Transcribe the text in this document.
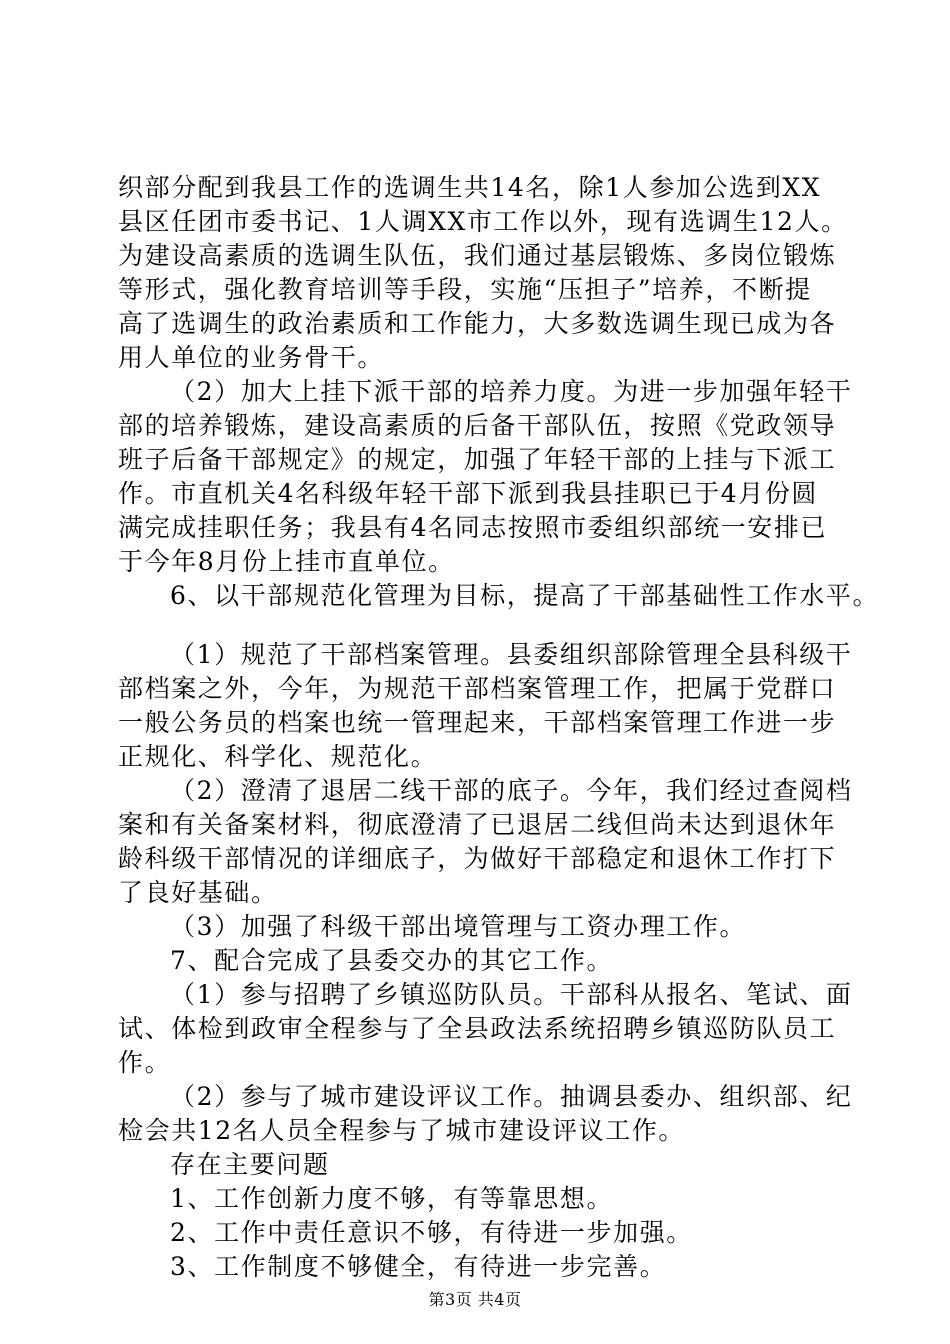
织部分配到我县工作的选调生共14名，除1人参加公选到XX
县区任团市委书记、1人调XX市工作以外，现有选调生12人。
为建设高素质的选调生队伍，我们通过基层锻炼、多岗位锻炼
等形式，强化教育培训等手段，实施“压担子”培养，不断提
高了选调生的政治素质和工作能力，大多数选调生现已成为各
用人单位的业务骨干。
（2）加大上挂下派干部的培养力度。为进一步加强年轻干
部的培养锻炼，建设高素质的后备干部队伍，按照《党政领导
班子后备干部规定》的规定，加强了年轻干部的上挂与下派工
作。市直机关4名科级年轻干部下派到我县挂职已于4月份圆
满完成挂职任务；我县有4名同志按照市委组织部统一安排已
于今年8月份上挂市直单位。
6、以干部规范化管理为目标，提高了干部基础性工作水平。
（1）规范了干部档案管理。县委组织部除管理全县科级干
部档案之外，今年，为规范干部档案管理工作，把属于党群口
一般公务员的档案也统一管理起来，干部档案管理工作进一步
正规化、科学化、规范化。
（2）澄清了退居二线干部的底子。今年，我们经过查阅档
案和有关备案材料，彻底澄清了已退居二线但尚未达到退休年
龄科级干部情况的详细底子，为做好干部稳定和退休工作打下
了良好基础。
（3）加强了科级干部出境管理与工资办理工作。
7、配合完成了县委交办的其它工作。
（1）参与招聘了乡镇巡防队员。干部科从报名、笔试、面
试、体检到政审全程参与了全县政法系统招聘乡镇巡防队员工
作。
（2）参与了城市建设评议工作。抽调县委办、组织部、纪
检会共12名人员全程参与了城市建设评议工作。
存在主要问题
1、工作创新力度不够，有等靠思想。
2、工作中责任意识不够，有待进一步加强。
3、工作制度不够健全，有待进一步完善。
第3页 共4页
